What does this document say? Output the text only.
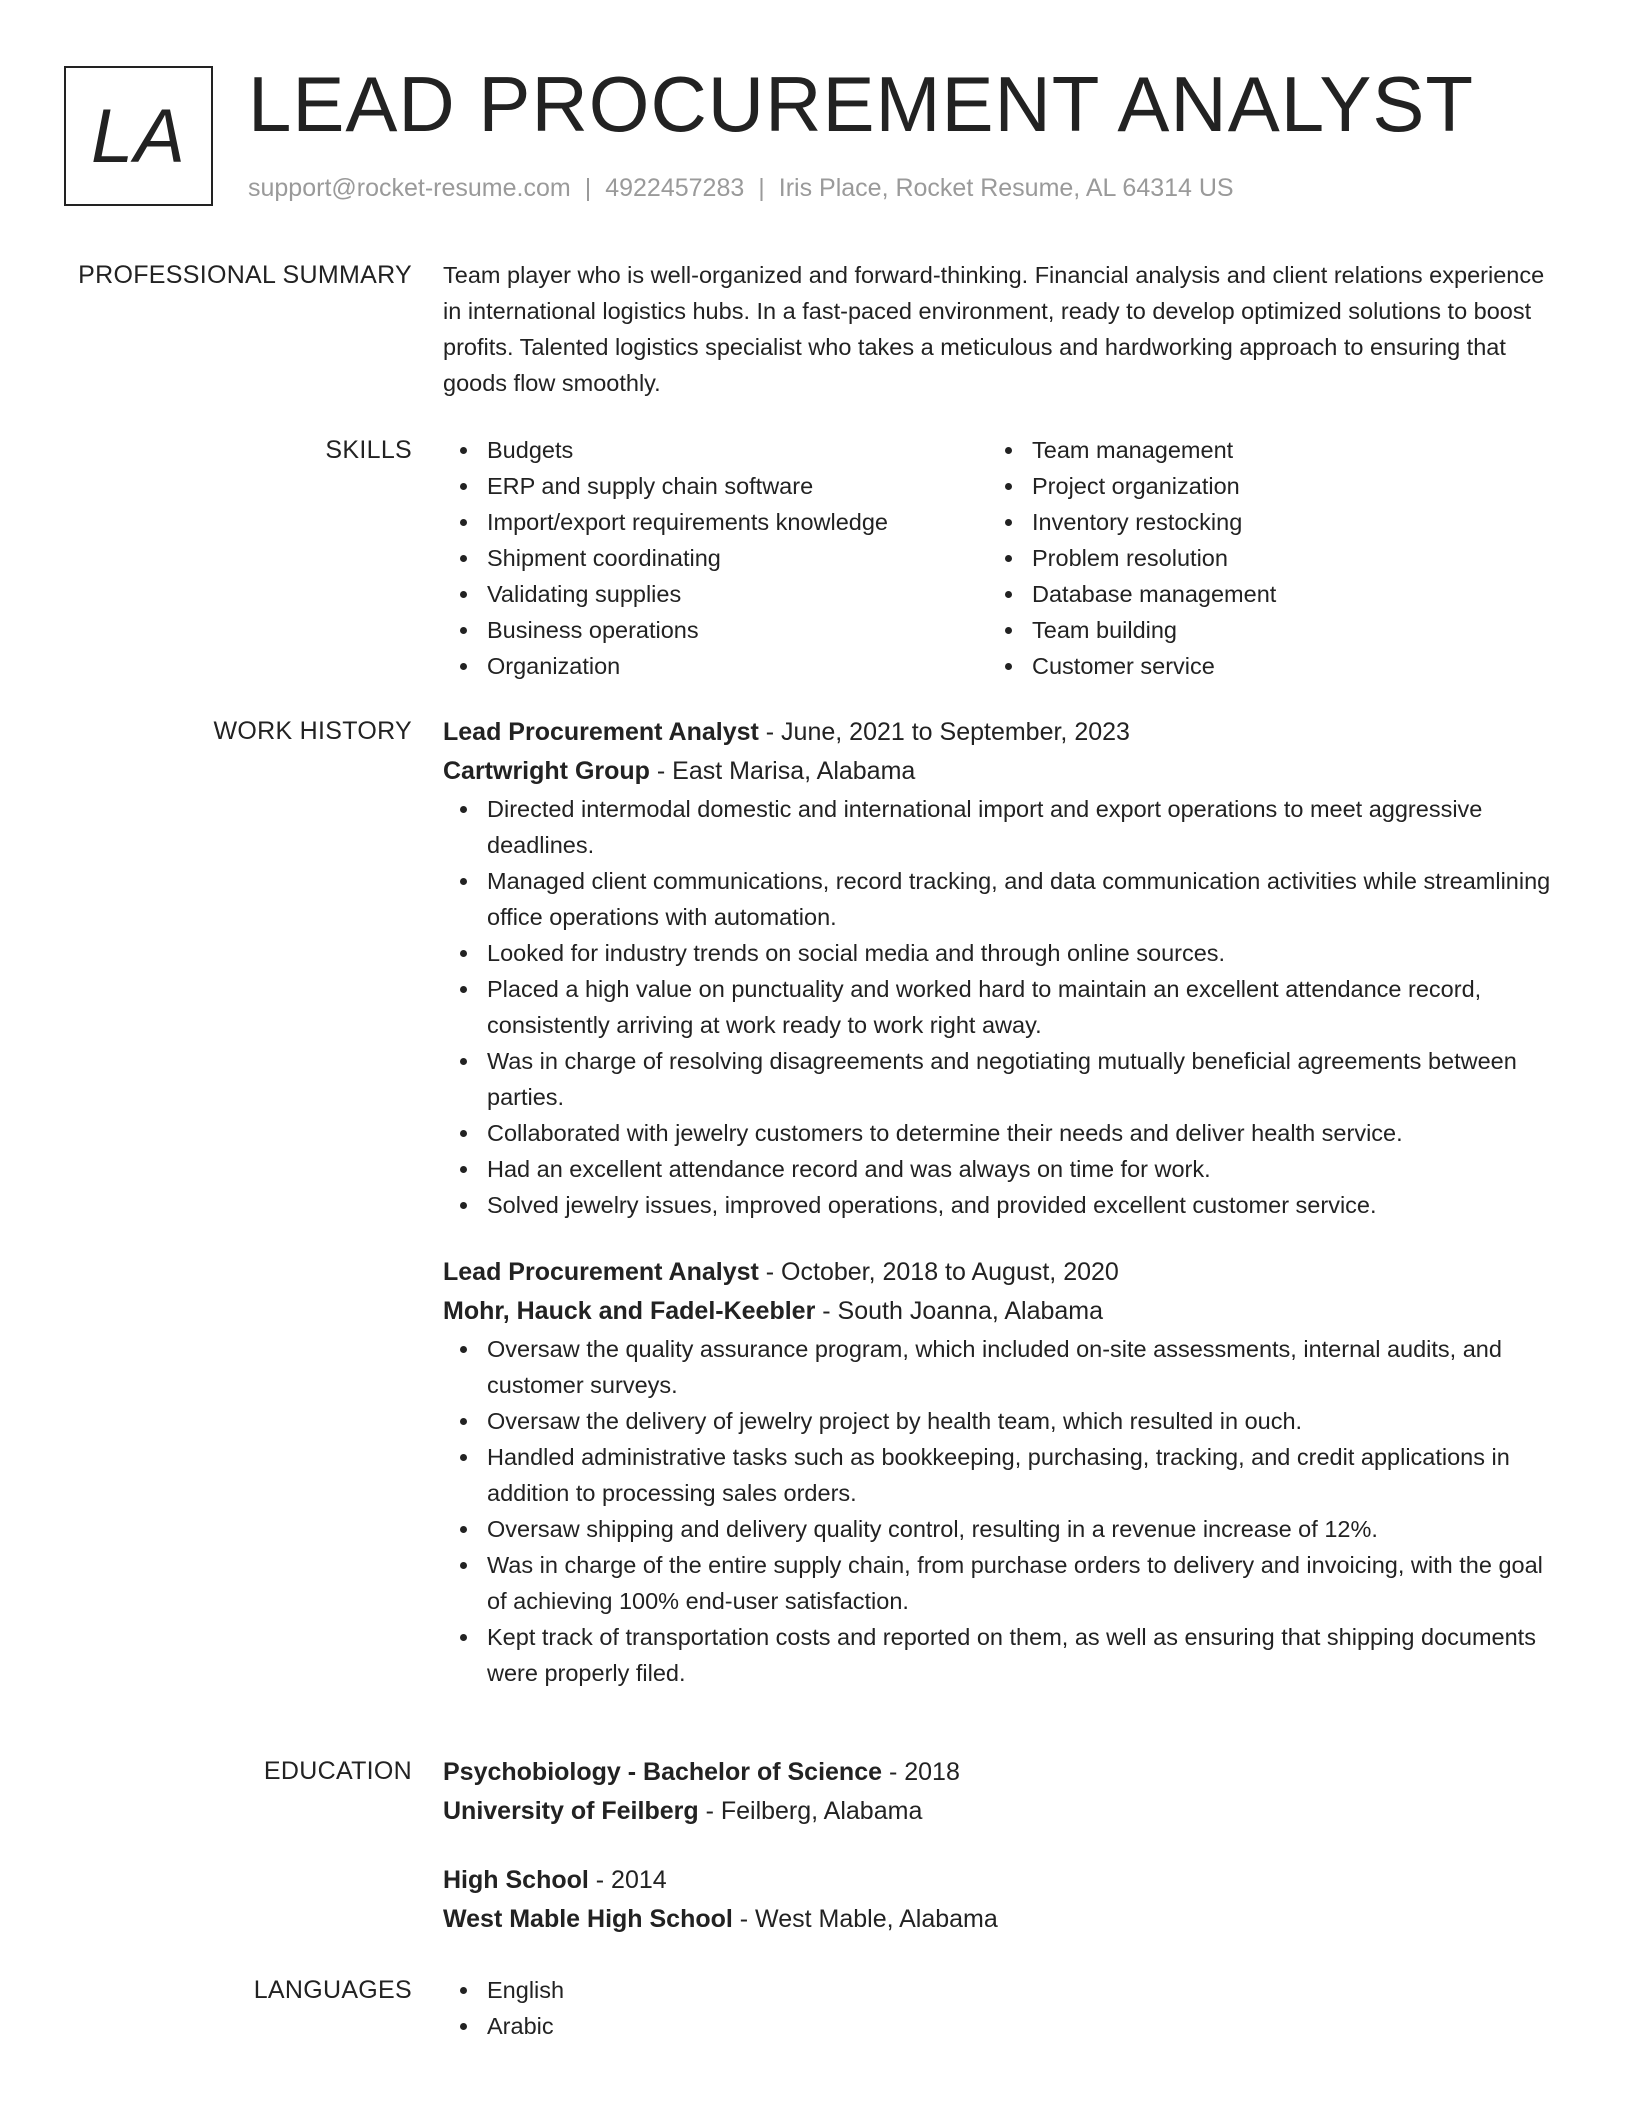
LA LEAD PROCUREMENT ANALYST
support@rocket-resume.com | 4922457283 | Iris Place, Rocket Resume, AL 64314 US
PROFESSIONAL SUMMARY Team player who is well-organized and forward-thinking. Financial analysis and client relations experience in international logistics hubs. In a fast-paced environment, ready to develop optimized solutions to boost profits. Talented logistics specialist who takes a meticulous and hardworking approach to ensuring that goods flow smoothly.

SKILLS	Budgets
ERP and supply chain software
Import/export requirements knowledge
Shipment coordinating
Validating supplies
Business operations
Organization
Team management
Project organization
Inventory restocking
Problem resolution
Database management
Team building
Customer service
WORK HISTORY Lead Procurement Analyst - June, 2021 to September, 2023
Cartwright Group - East Marisa, Alabama
Directed intermodal domestic and international import and export operations to meet aggressive deadlines.
Managed client communications, record tracking, and data communication activities while streamlining office operations with automation.
Looked for industry trends on social media and through online sources.
Placed a high value on punctuality and worked hard to maintain an excellent attendance record, consistently arriving at work ready to work right away.
Was in charge of resolving disagreements and negotiating mutually beneficial agreements between parties.
Collaborated with jewelry customers to determine their needs and deliver health service.
Had an excellent attendance record and was always on time for work.
Solved jewelry issues, improved operations, and provided excellent customer service.
Lead Procurement Analyst - October, 2018 to August, 2020
Mohr, Hauck and Fadel-Keebler - South Joanna, Alabama
Oversaw the quality assurance program, which included on-site assessments, internal audits, and customer surveys.
Oversaw the delivery of jewelry project by health team, which resulted in ouch.
Handled administrative tasks such as bookkeeping, purchasing, tracking, and credit applications in addition to processing sales orders.
Oversaw shipping and delivery quality control, resulting in a revenue increase of 12%.
Was in charge of the entire supply chain, from purchase orders to delivery and invoicing, with the goal of achieving 100% end-user satisfaction.
Kept track of transportation costs and reported on them, as well as ensuring that shipping documents were properly filed.
EDUCATION Psychobiology - Bachelor of Science - 2018
University of Feilberg - Feilberg, Alabama
High School - 2014
West Mable High School - West Mable, Alabama
LANGUAGES	English
Arabic
